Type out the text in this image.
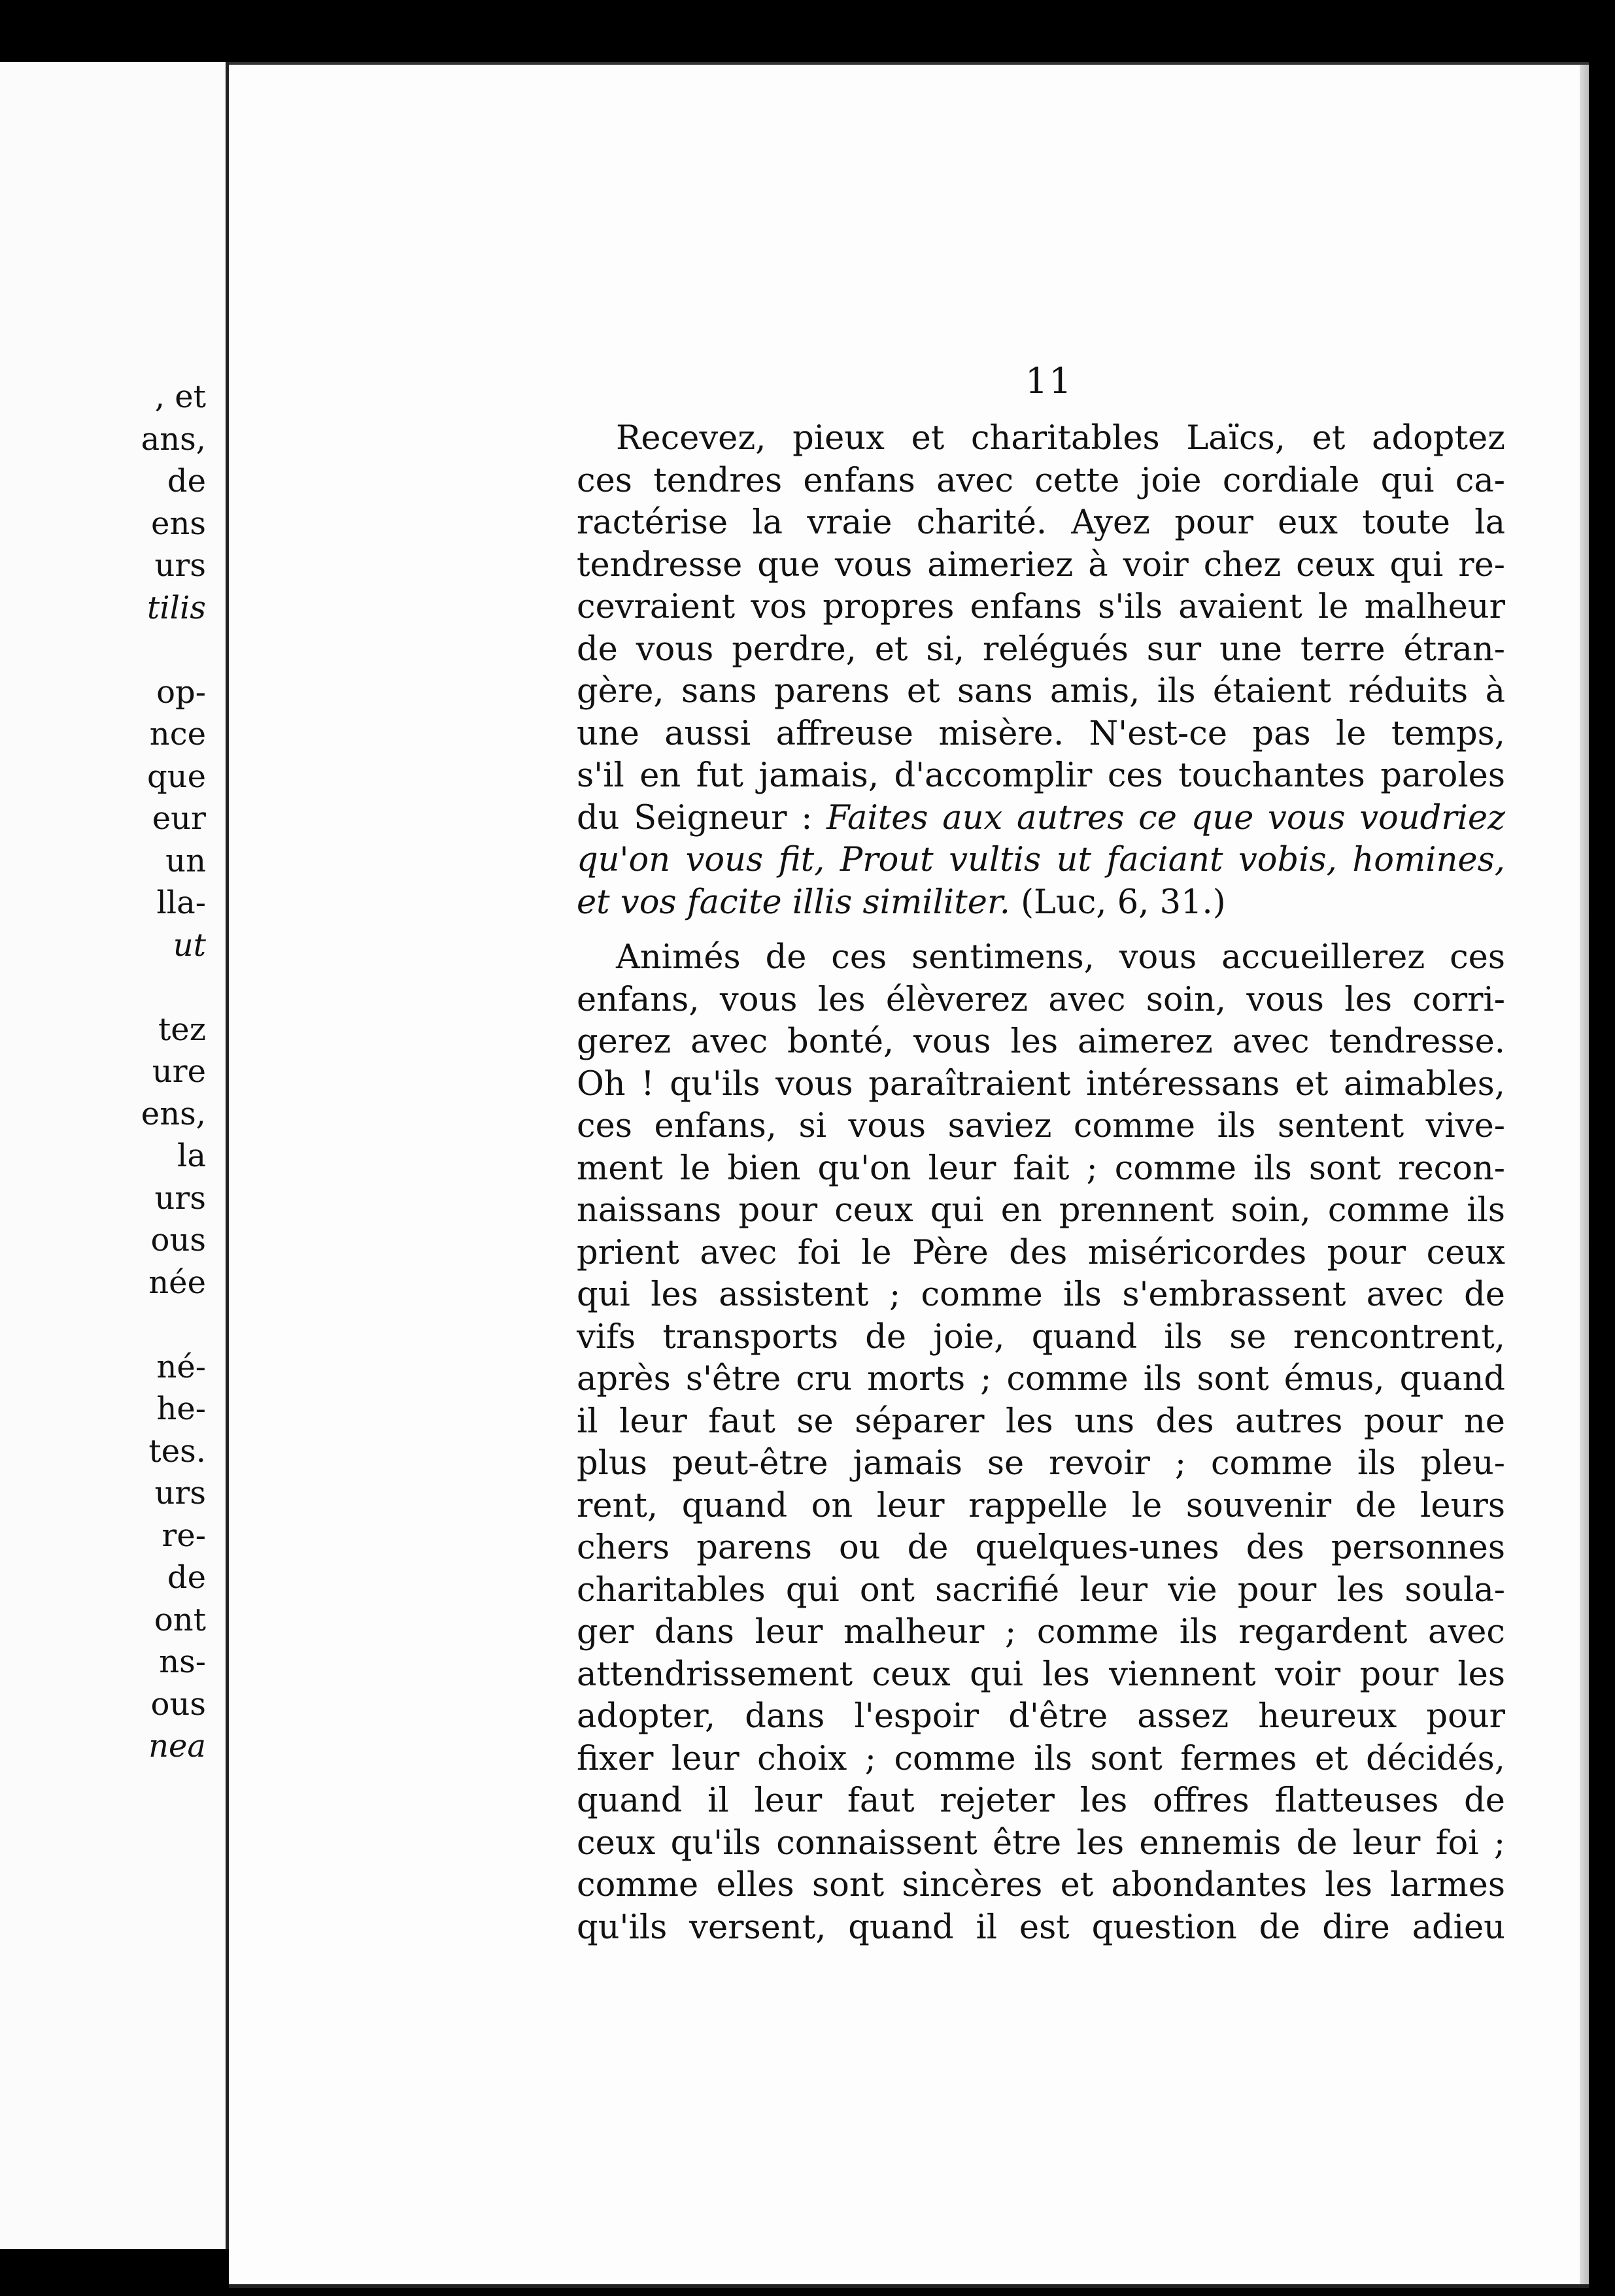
, et
ans,
de
ens
urs
tilis
op-
nce
que
eur
un
lla-
ut
tez
ure
ens,
la
urs
ous
née
né-
he-
tes.
urs
re-
de
ont
ns-
ous
nea
11
Recevez, pieux et charitables Laïcs, et adoptez
ces tendres enfans avec cette joie cordiale qui ca-
ractérise la vraie charité. Ayez pour eux toute la
tendresse que vous aimeriez à voir chez ceux qui re-
cevraient vos propres enfans s'ils avaient le malheur
de vous perdre, et si, relégués sur une terre étran-
gère, sans parens et sans amis, ils étaient réduits à
une aussi affreuse misère. N'est-ce pas le temps,
s'il en fut jamais, d'accomplir ces touchantes paroles
du Seigneur : Faites aux autres ce que vous voudriez
qu'on vous fit, Prout vultis ut faciant vobis, homines,
et vos facite illis similiter. (Luc, 6, 31.)
Animés de ces sentimens, vous accueillerez ces
enfans, vous les élèverez avec soin, vous les corri-
gerez avec bonté, vous les aimerez avec tendresse.
Oh ! qu'ils vous paraîtraient intéressans et aimables,
ces enfans, si vous saviez comme ils sentent vive-
ment le bien qu'on leur fait ; comme ils sont recon-
naissans pour ceux qui en prennent soin, comme ils
prient avec foi le Père des miséricordes pour ceux
qui les assistent ; comme ils s'embrassent avec de
vifs transports de joie, quand ils se rencontrent,
après s'être cru morts ; comme ils sont émus, quand
il leur faut se séparer les uns des autres pour ne
plus peut-être jamais se revoir ; comme ils pleu-
rent, quand on leur rappelle le souvenir de leurs
chers parens ou de quelques-unes des personnes
charitables qui ont sacrifié leur vie pour les soula-
ger dans leur malheur ; comme ils regardent avec
attendrissement ceux qui les viennent voir pour les
adopter, dans l'espoir d'être assez heureux pour
fixer leur choix ; comme ils sont fermes et décidés,
quand il leur faut rejeter les offres flatteuses de
ceux qu'ils connaissent être les ennemis de leur foi ;
comme elles sont sincères et abondantes les larmes
qu'ils versent, quand il est question de dire adieu
